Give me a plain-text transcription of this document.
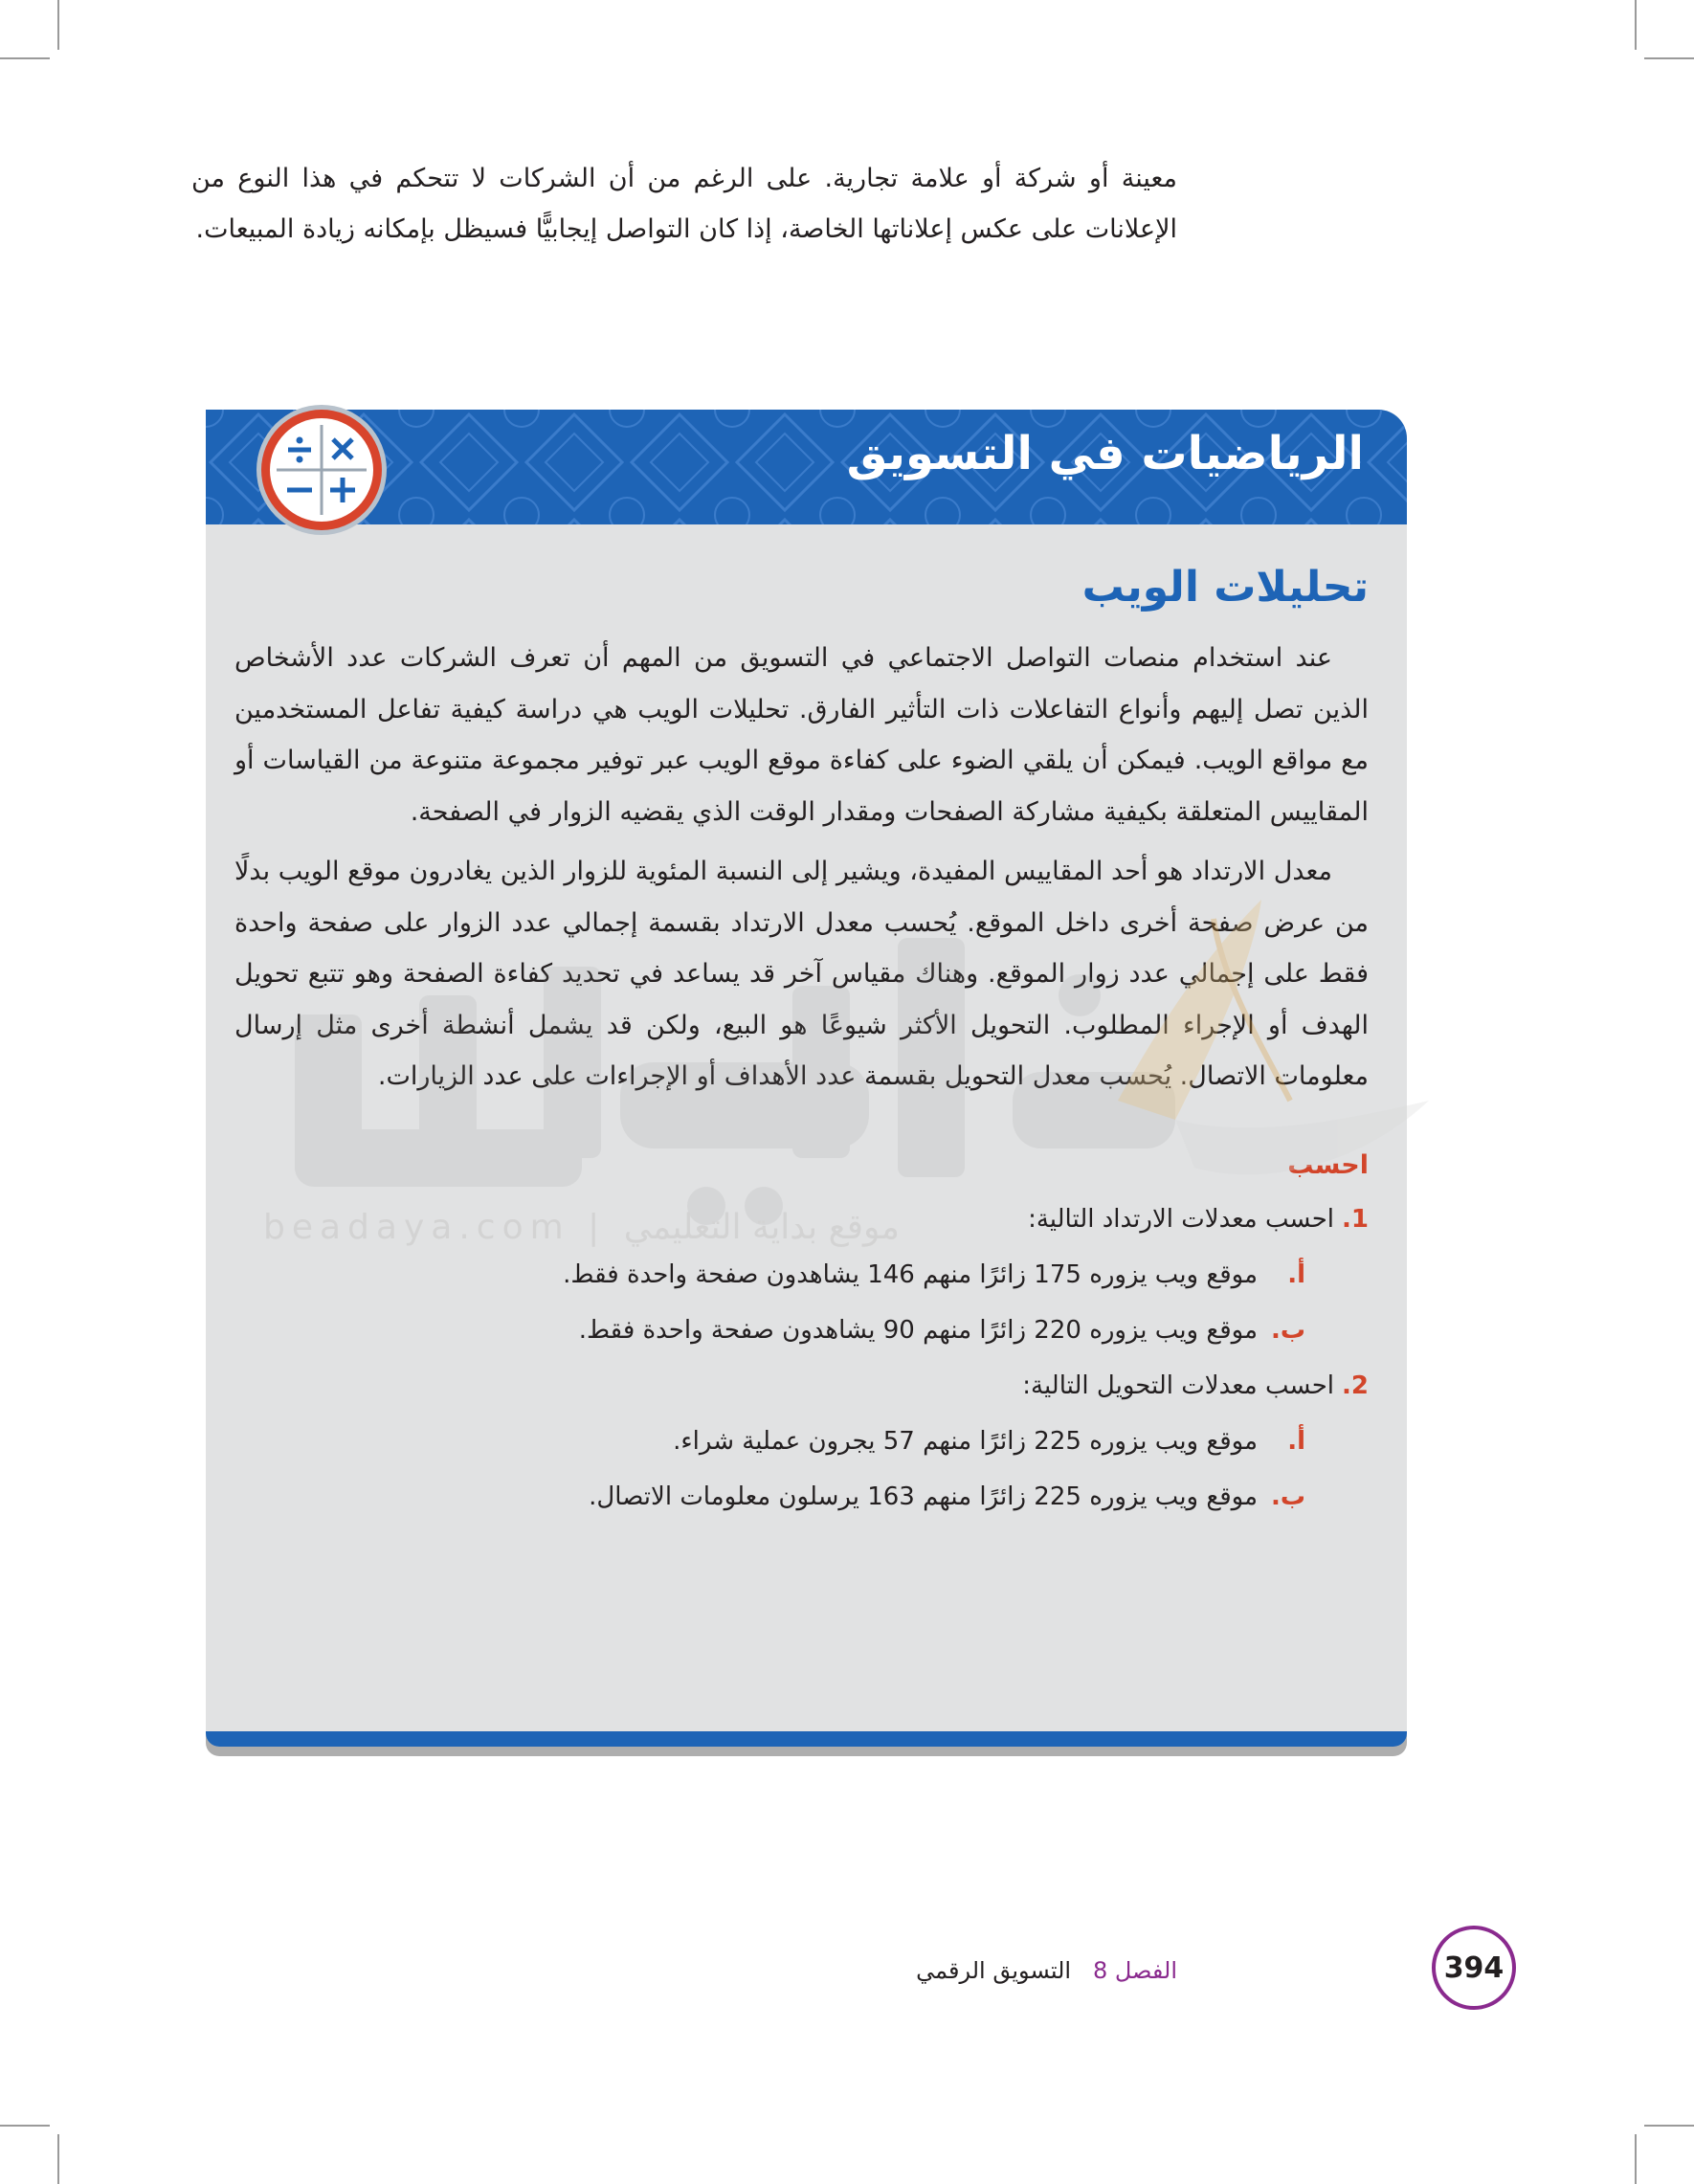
معينة أو شركة أو علامة تجارية. على الرغم من أن الشركات لا تتحكم في هذا النوع من الإعلانات على عكس إعلاناتها الخاصة، إذا كان التواصل إيجابيًّا فسيظل بإمكانه زيادة المبيعات.
الرياضيات في التسويق
تحليلات الويب

عند استخدام منصات التواصل الاجتماعي في التسويق من المهم أن تعرف الشركات عدد الأشخاص الذين تصل إليهم وأنواع التفاعلات ذات التأثير الفارق. تحليلات الويب هي دراسة كيفية تفاعل المستخدمين مع مواقع الويب. فيمكن أن يلقي الضوء على كفاءة موقع الويب عبر توفير مجموعة متنوعة من القياسات أو المقاييس المتعلقة بكيفية مشاركة الصفحات ومقدار الوقت الذي يقضيه الزوار في الصفحة.

معدل الارتداد هو أحد المقاييس المفيدة، ويشير إلى النسبة المئوية للزوار الذين يغادرون موقع الويب بدلًا من عرض صفحة أخرى داخل الموقع. يُحسب معدل الارتداد بقسمة إجمالي عدد الزوار على صفحة واحدة فقط على إجمالي عدد زوار الموقع. وهناك مقياس آخر قد يساعد في تحديد كفاءة الصفحة وهو تتبع تحويل الهدف أو الإجراء المطلوب. التحويل الأكثر شيوعًا هو البيع، ولكن قد يشمل أنشطة أخرى مثل إرسال معلومات الاتصال. يُحسب معدل التحويل بقسمة عدد الأهداف أو الإجراءات على عدد الزيارات.

احسب
1.
احسب معدلات الارتداد التالية:
أ.
موقع ويب يزوره 175 زائرًا منهم 146 يشاهدون صفحة واحدة فقط.
ب.
موقع ويب يزوره 220 زائرًا منهم 90 يشاهدون صفحة واحدة فقط.
2.
احسب معدلات التحويل التالية:
أ.
موقع ويب يزوره 225 زائرًا منهم 57 يجرون عملية شراء.
ب.
موقع ويب يزوره 225 زائرًا منهم 163 يرسلون معلومات الاتصال.
beadaya.com | موقع بداية التعليمي
الفصل 8   التسويق الرقمي	394
